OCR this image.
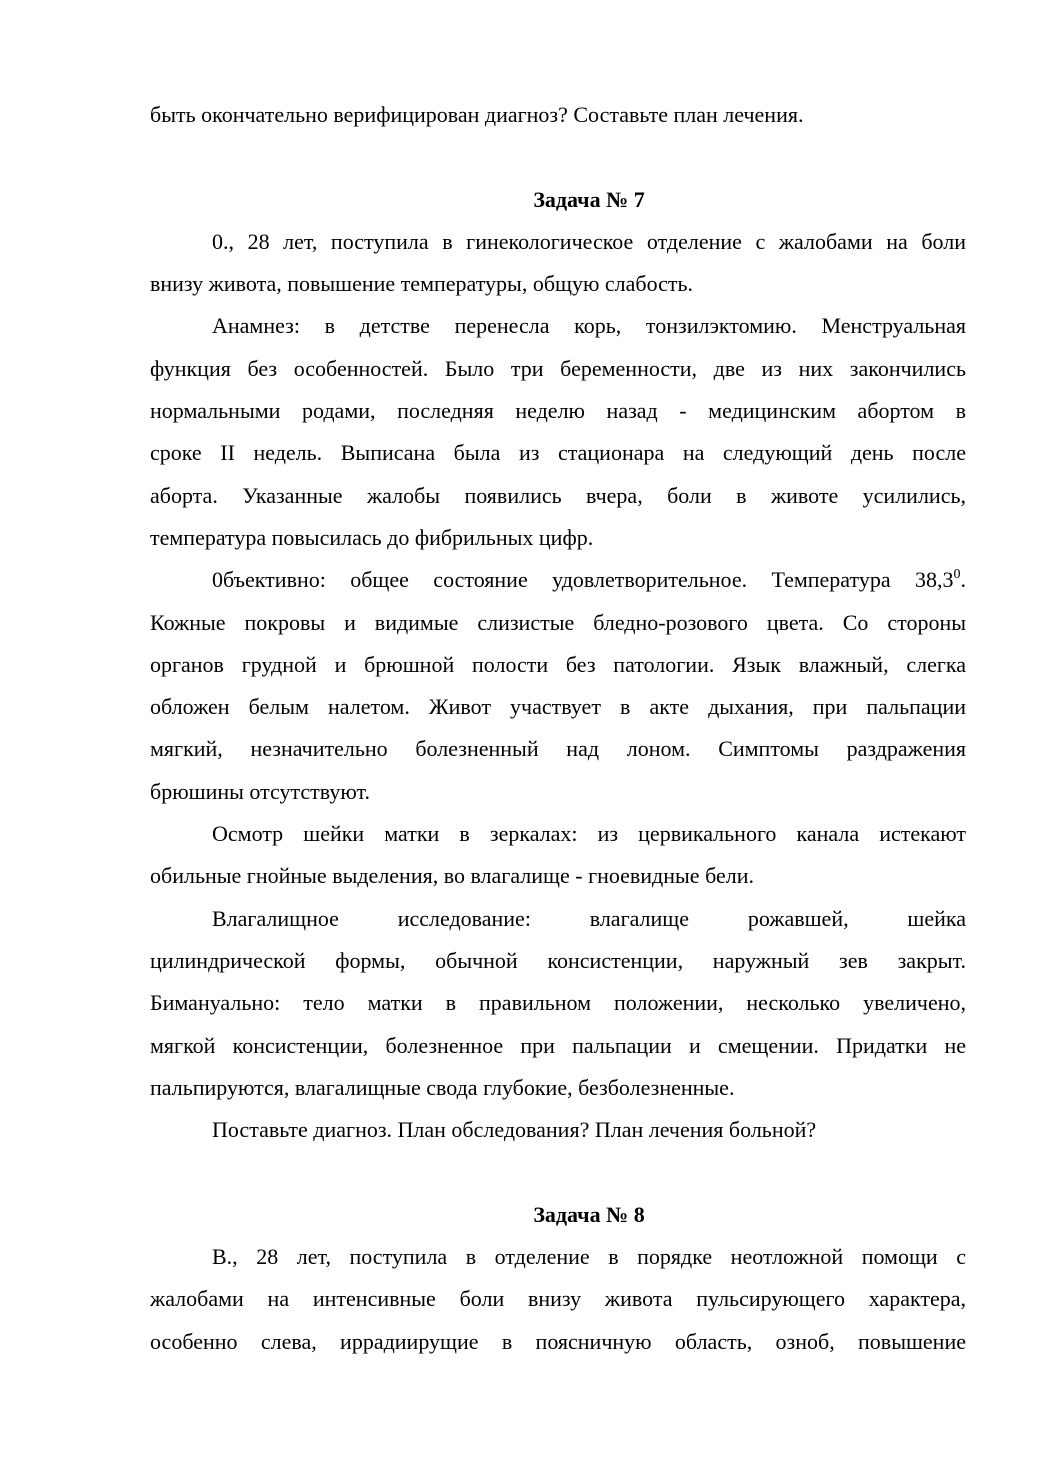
быть окончательно верифицирован диагноз? Составьте план лечения.
Задача № 7
0., 28 лет, поступила в гинекологическое отделение с жалобами на боли
внизу живота, повышение температуры, общую слабость.
Анамнез: в детстве перенесла корь, тонзилэктомию. Менструальная
функция без особенностей. Было три беременности, две из них закончились
нормальными родами, последняя неделю назад - медицинским абортом в
сроке II недель. Выписана была из стационара на следующий день после
аборта. Указанные жалобы появились вчера, боли в животе усилились,
температура повысилась до фибрильных цифр.
0бъективно: общее состояние удовлетворительное. Температура 38,3$^0$.
Кожные покровы и видимые слизистые бледно-розового цвета. Со стороны
органов грудной и брюшной полости без патологии. Язык влажный, слегка
обложен белым налетом. Живот участвует в акте дыхания, при пальпации
мягкий, незначительно болезненный над лоном. Симптомы раздражения
брюшины отсутствуют.
Осмотр шейки матки в зеркалах: из цервикального канала истекают
обильные гнойные выделения, во влагалище - гноевидные бели.
Влагалищное исследование: влагалище рожавшей, шейка
цилиндрической формы, обычной консистенции, наружный зев закрыт.
Бимануально: тело матки в правильном положении, несколько увеличено,
мягкой консистенции, болезненное при пальпации и смещении. Придатки не
пальпируются, влагалищные свода глубокие, безболезненные.
Поставьте диагноз. План обследования? План лечения больной?
Задача № 8
В., 28 лет, поступила в отделение в порядке неотложной помощи с
жалобами на интенсивные боли внизу живота пульсирующего характера,
особенно слева, иррадиирущие в поясничную область, озноб, повышение
